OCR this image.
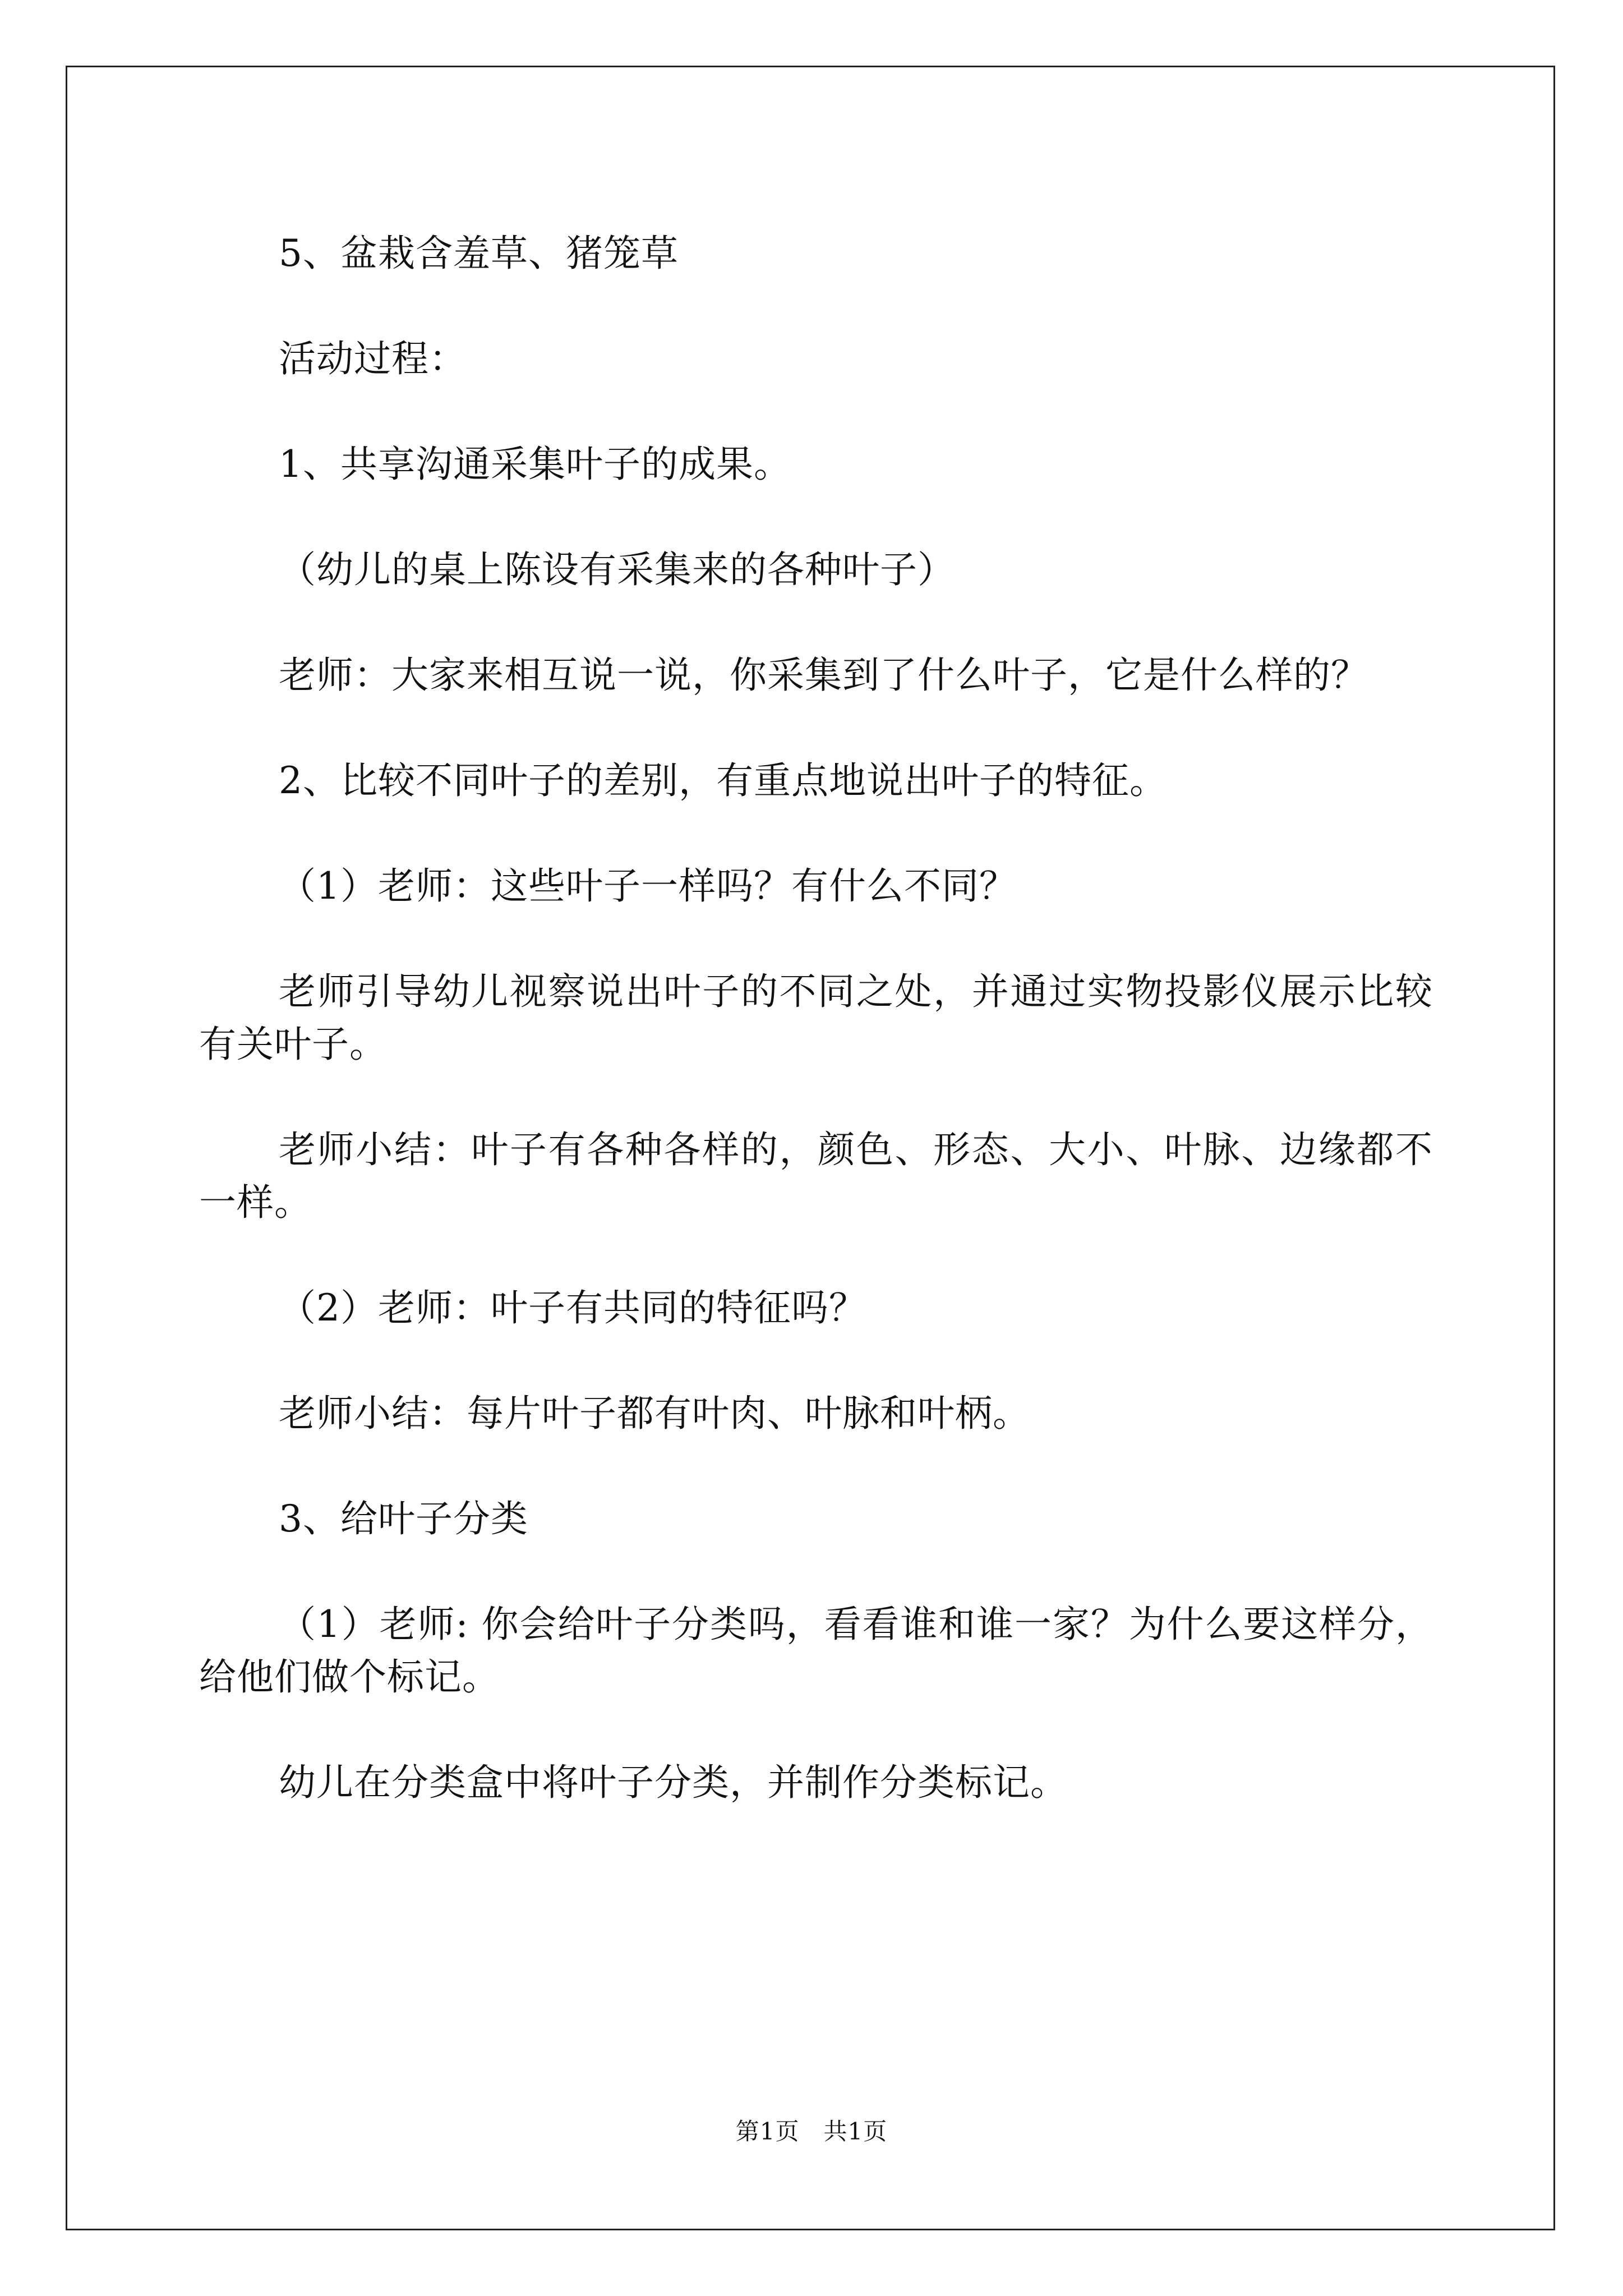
5、盆栽含羞草、猪笼草

活动过程：

1、共享沟通采集叶子的成果。

（幼儿的桌上陈设有采集来的各种叶子）

老师：大家来相互说一说，你采集到了什么叶子，它是什么样的？

2、比较不同叶子的差别，有重点地说出叶子的特征。

（1）老师：这些叶子一样吗？有什么不同？

老师引导幼儿视察说出叶子的不同之处，并通过实物投影仪展示比较有关叶子。

老师小结：叶子有各种各样的，颜色、形态、大小、叶脉、边缘都不一样。

（2）老师：叶子有共同的特征吗？

老师小结：每片叶子都有叶肉、叶脉和叶柄。

3、给叶子分类

（1）老师: 你会给叶子分类吗，看看谁和谁一家？为什么要这样分，给他们做个标记。

幼儿在分类盒中将叶子分类，并制作分类标记。

第1页   共1页
